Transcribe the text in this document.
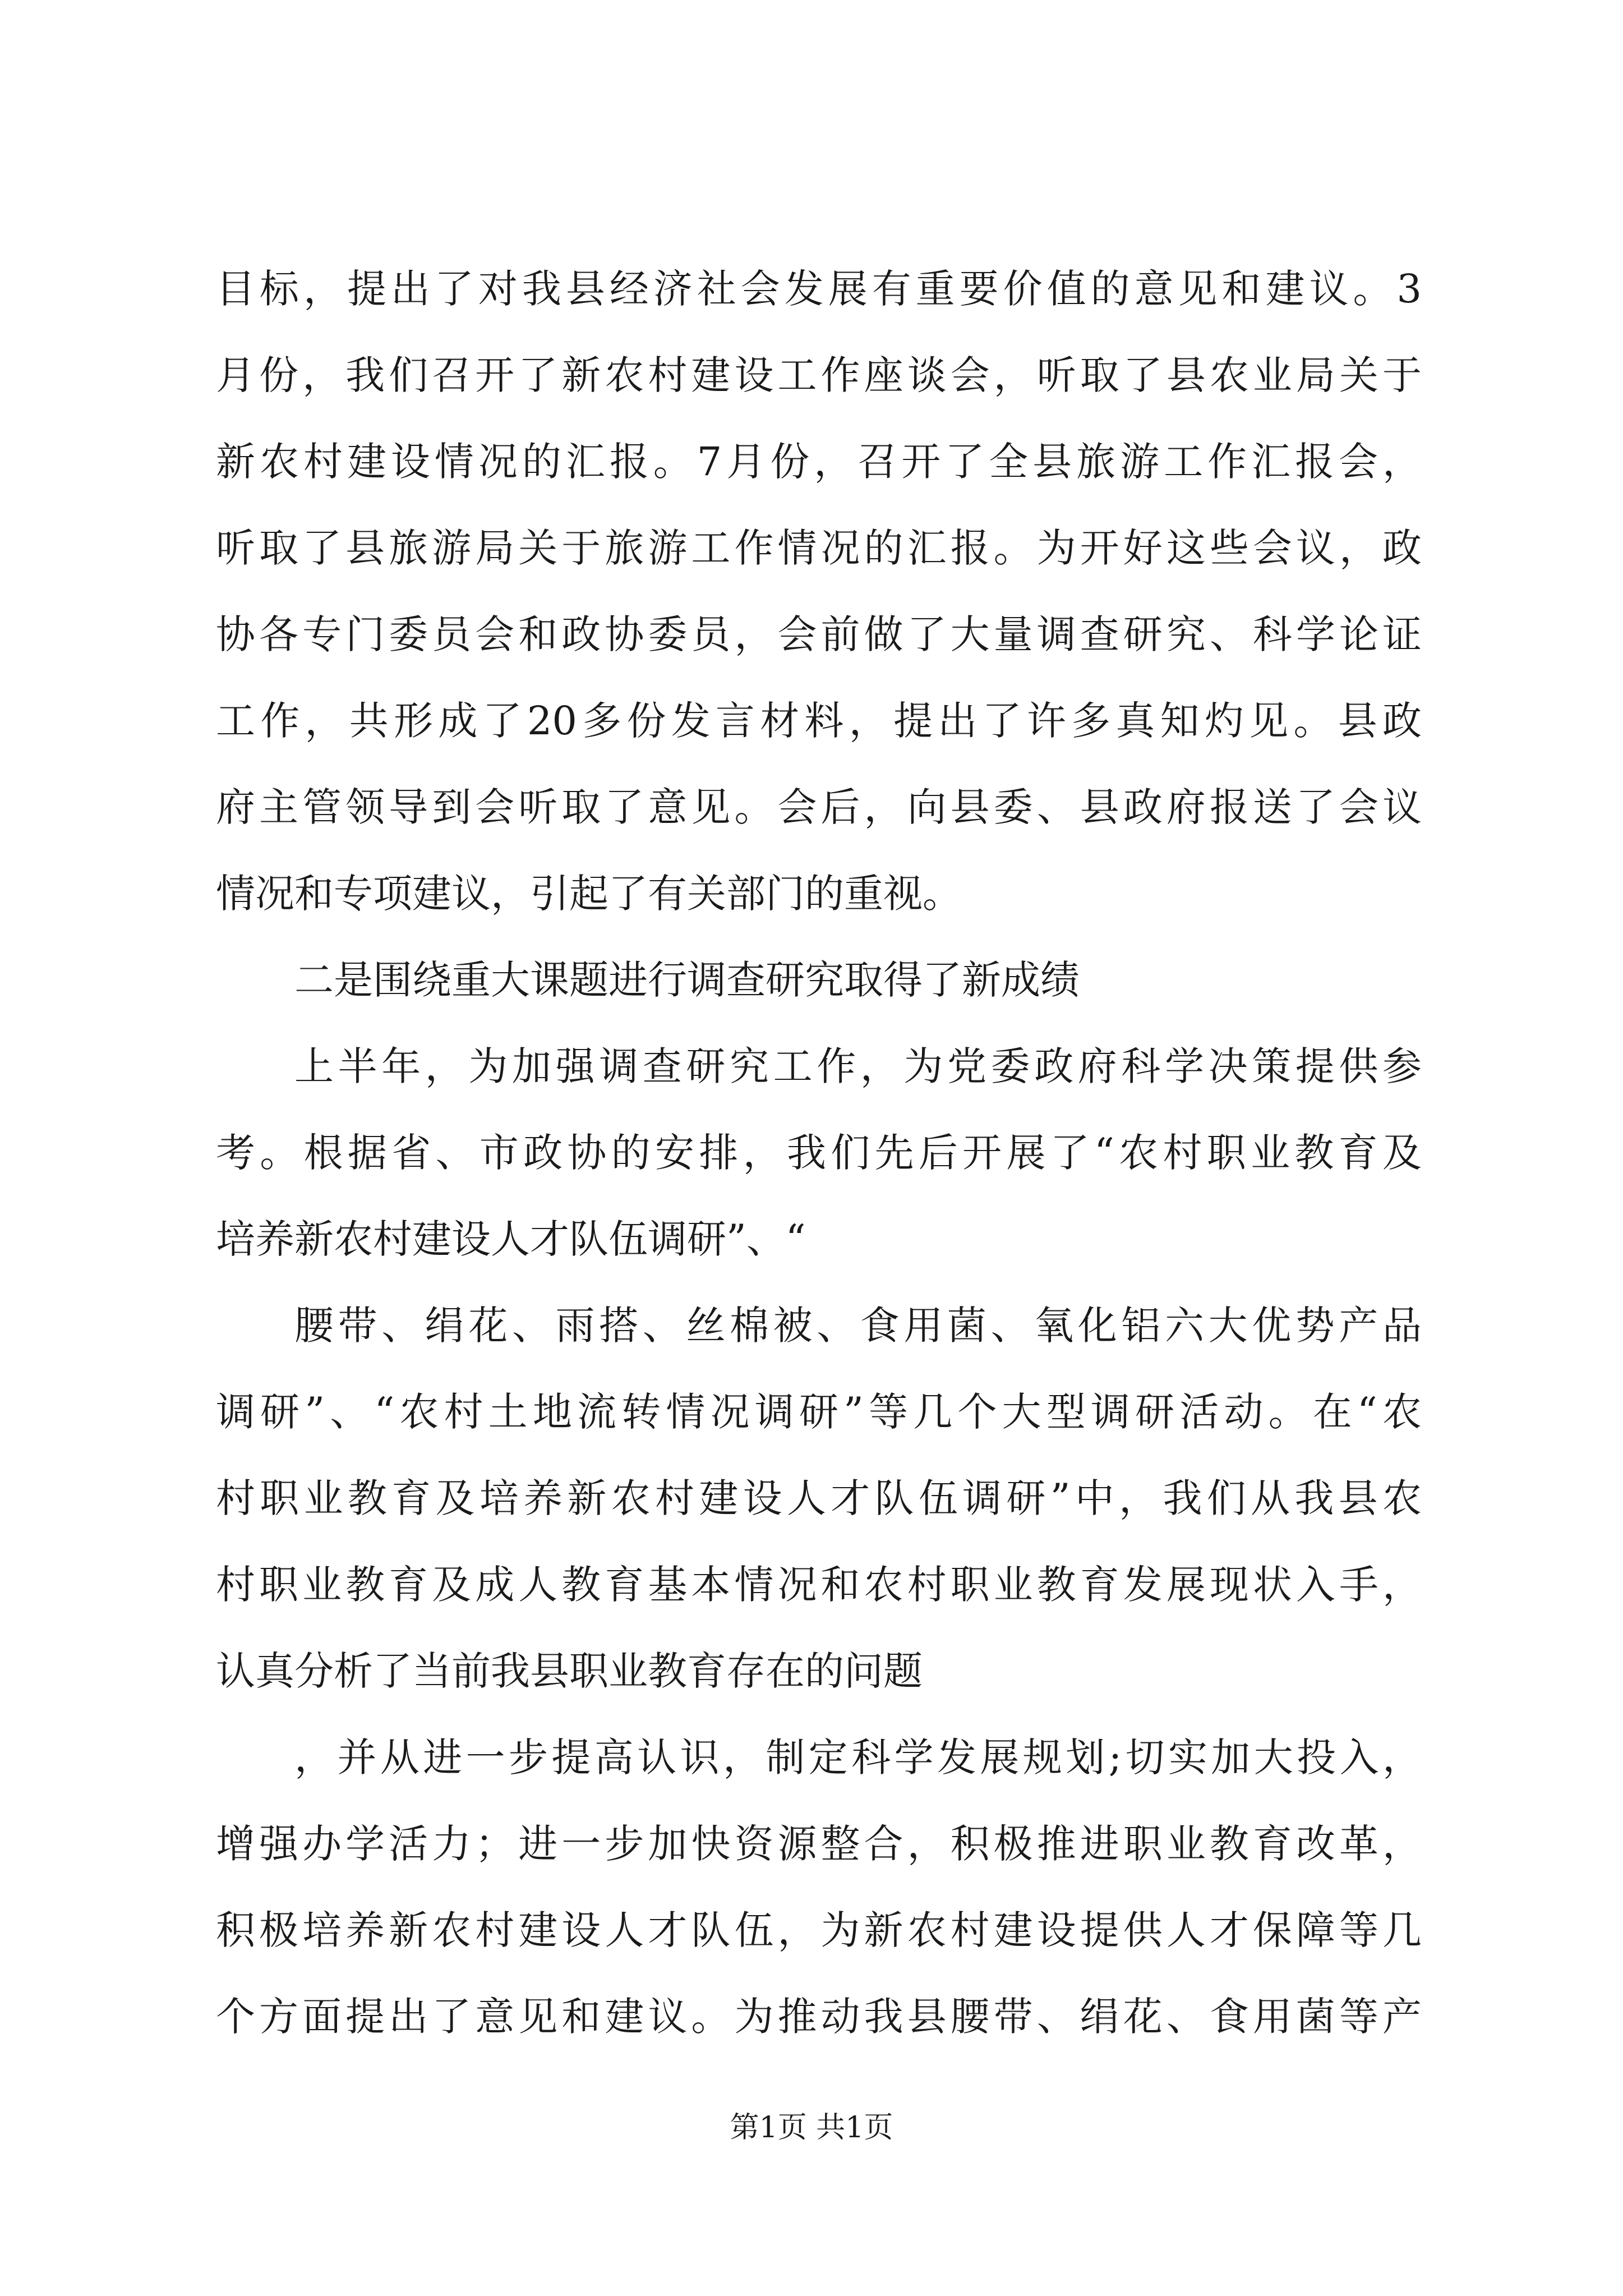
目标，提出了对我县经济社会发展有重要价值的意见和建议。3
月份，我们召开了新农村建设工作座谈会，听取了县农业局关于
新农村建设情况的汇报。7月份，召开了全县旅游工作汇报会，
听取了县旅游局关于旅游工作情况的汇报。为开好这些会议，政
协各专门委员会和政协委员，会前做了大量调查研究、科学论证
工作，共形成了20多份发言材料，提出了许多真知灼见。县政
府主管领导到会听取了意见。会后，向县委、县政府报送了会议
情况和专项建议，引起了有关部门的重视。
二是围绕重大课题进行调查研究取得了新成绩
上半年，为加强调查研究工作，为党委政府科学决策提供参
考。根据省、市政协的安排，我们先后开展了“农村职业教育及
培养新农村建设人才队伍调研”、“
腰带、绢花、雨搭、丝棉被、食用菌、氧化铝六大优势产品
调研”、“农村土地流转情况调研”等几个大型调研活动。在“农
村职业教育及培养新农村建设人才队伍调研”中，我们从我县农
村职业教育及成人教育基本情况和农村职业教育发展现状入手，
认真分析了当前我县职业教育存在的问题
，并从进一步提高认识，制定科学发展规划;切实加大投入，
增强办学活力；进一步加快资源整合，积极推进职业教育改革，
积极培养新农村建设人才队伍，为新农村建设提供人才保障等几
个方面提出了意见和建议。为推动我县腰带、绢花、食用菌等产
第1页 共1页
